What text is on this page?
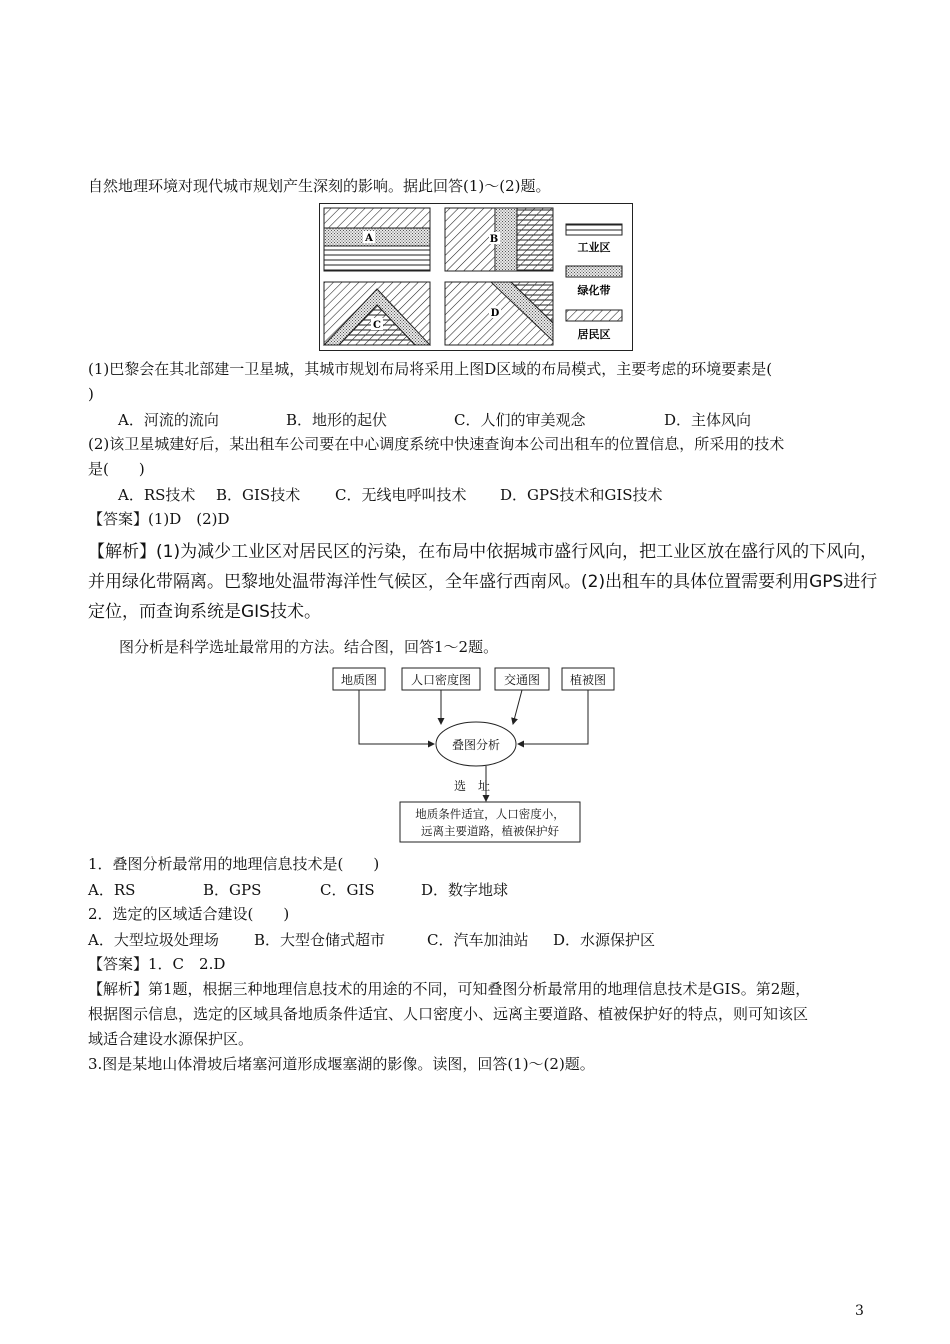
自然地理环境对现代城市规划产生深刻的影响。据此回答(1)～(2)题。
A	B
C
D
工业区
绿化带
居民区
(1)巴黎会在其北部建一卫星城，其城市规划布局将采用上图D区域的布局模式，主要考虑的环境要素是(
)
A．河流的流向	B．地形的起伏	C．人们的审美观念	D．主体风向
(2)该卫星城建好后，某出租车公司要在中心调度系统中快速查询本公司出租车的位置信息，所采用的技术
是(　　)
A．RS技术 B．GIS技术 C．无线电呼叫技术 D．GPS技术和GIS技术
【答案】(1)D　(2)D
【解析】(1)为减少工业区对居民区的污染，在布局中依据城市盛行风向，把工业区放在盛行风的下风向，
并用绿化带隔离。巴黎地处温带海洋性气候区，全年盛行西南风。(2)出租车的具体位置需要利用GPS进行
定位，而查询系统是GIS技术。
图分析是科学选址最常用的方法。结合图，回答1～2题。
地质图	人口密度图	交通图 植被图
叠图分析
选　址
地质条件适宜，人口密度小，
远离主要道路，植被保护好
1．叠图分析最常用的地理信息技术是(　　)
A．RS	B．GPS	C．GIS	D．数字地球
2．选定的区域适合建设(　　)
A．大型垃圾处理场 B．大型仓储式超市	C．汽车加油站 D．水源保护区
【答案】1．C　2.D
【解析】第1题，根据三种地理信息技术的用途的不同，可知叠图分析最常用的地理信息技术是GIS。第2题，
根据图示信息，选定的区域具备地质条件适宜、人口密度小、远离主要道路、植被保护好的特点，则可知该区
域适合建设水源保护区。
3.图是某地山体滑坡后堵塞河道形成堰塞湖的影像。读图，回答(1)～(2)题。
3
